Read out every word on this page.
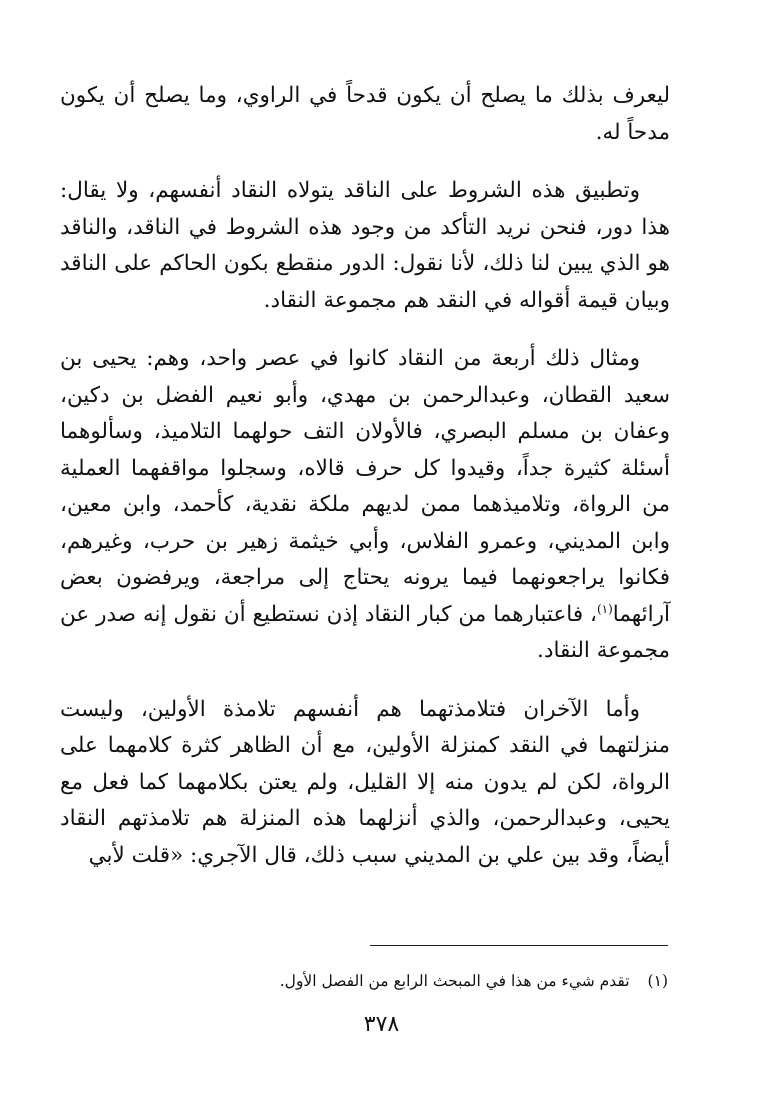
ليعرف بذلك ما يصلح أن يكون قدحاً في الراوي، وما يصلح أن يكون مدحاً له.

وتطبيق هذه الشروط على الناقد يتولاه النقاد أنفسهم، ولا يقال: هذا دور، فنحن نريد التأكد من وجود هذه الشروط في الناقد، والناقد هو الذي يبين لنا ذلك، لأنا نقول: الدور منقطع بكون الحاكم على الناقد وبيان قيمة أقواله في النقد هم مجموعة النقاد.

ومثال ذلك أربعة من النقاد كانوا في عصر واحد، وهم: يحيى بن سعيد القطان، وعبدالرحمن بن مهدي، وأبو نعيم الفضل بن دكين، وعفان بن مسلم البصري، فالأولان التف حولهما التلاميذ، وسألوهما أسئلة كثيرة جداً، وقيدوا كل حرف قالاه، وسجلوا مواقفهما العملية من الرواة، وتلاميذهما ممن لديهم ملكة نقدية، كأحمد، وابن معين، وابن المديني، وعمرو الفلاس، وأبي خيثمة زهير بن حرب، وغيرهم، فكانوا يراجعونهما فيما يرونه يحتاج إلى مراجعة، ويرفضون بعض آرائهما$^{(١)}$، فاعتبارهما من كبار النقاد إذن نستطيع أن نقول إنه صدر عن مجموعة النقاد.

وأما الآخران فتلامذتهما هم أنفسهم تلامذة الأولين، وليست منزلتهما في النقد كمنزلة الأولين، مع أن الظاهر كثرة كلامهما على الرواة، لكن لم يدون منه إلا القليل، ولم يعتن بكلامهما كما فعل مع يحيى، وعبدالرحمن، والذي أنزلهما هذه المنزلة هم تلامذتهم النقاد أيضاً، وقد بين علي بن المديني سبب ذلك، قال الآجري: «قلت لأبي

(١)تقدم شيء من هذا في المبحث الرابع من الفصل الأول.

٣٧٨
